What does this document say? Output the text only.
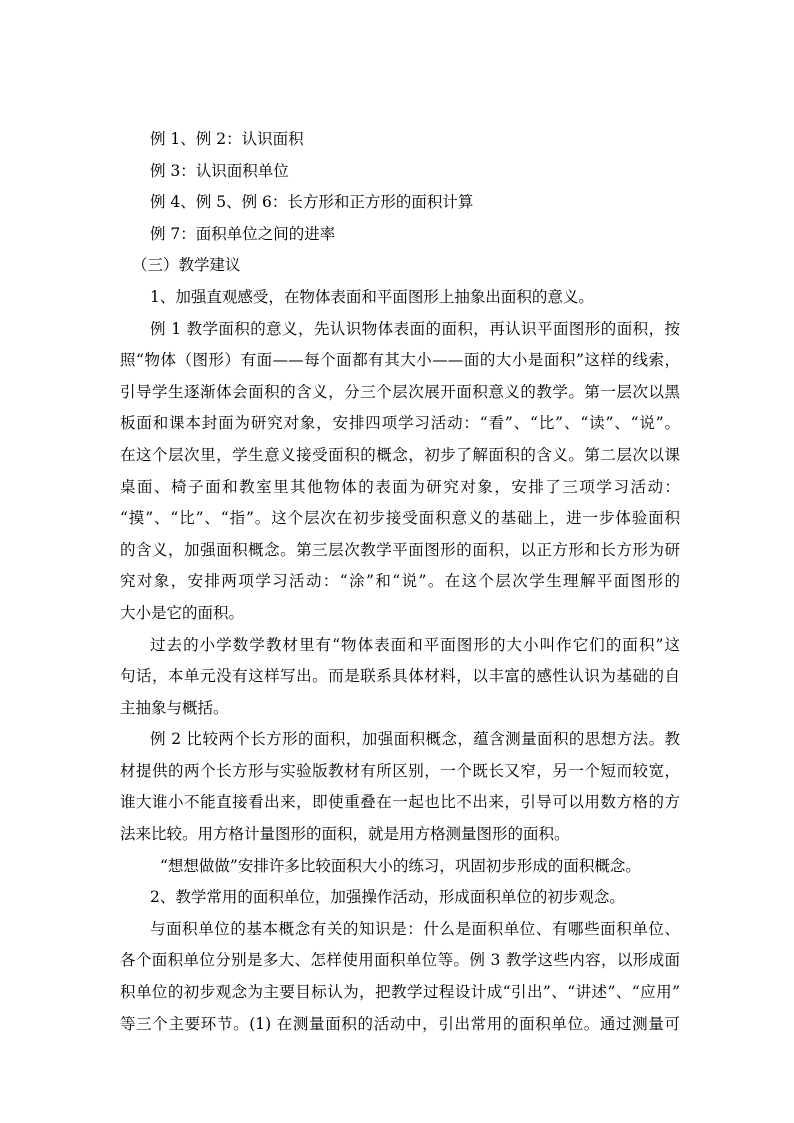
例 1、例 2：认识面积
例 3：认识面积单位
例 4、例 5、例 6：长方形和正方形的面积计算
例 7：面积单位之间的进率
（三）教学建议
1、加强直观感受，在物体表面和平面图形上抽象出面积的意义。
例 1 教学面积的意义，先认识物体表面的面积，再认识平面图形的面积，按
照“物体（图形）有面——每个面都有其大小——面的大小是面积”这样的线索，
引导学生逐渐体会面积的含义，分三个层次展开面积意义的教学。第一层次以黑
板面和课本封面为研究对象，安排四项学习活动：“看”、“比”、“读”、“说”。
在这个层次里，学生意义接受面积的概念，初步了解面积的含义。第二层次以课
桌面、椅子面和教室里其他物体的表面为研究对象，安排了三项学习活动：
“摸”、“比”、“指”。这个层次在初步接受面积意义的基础上，进一步体验面积
的含义，加强面积概念。第三层次教学平面图形的面积，以正方形和长方形为研
究对象，安排两项学习活动：“涂”和“说”。在这个层次学生理解平面图形的
大小是它的面积。
过去的小学数学教材里有“物体表面和平面图形的大小叫作它们的面积”这
句话，本单元没有这样写出。而是联系具体材料，以丰富的感性认识为基础的自
主抽象与概括。
例 2 比较两个长方形的面积，加强面积概念，蕴含测量面积的思想方法。教
材提供的两个长方形与实验版教材有所区别，一个既长又窄，另一个短而较宽，
谁大谁小不能直接看出来，即使重叠在一起也比不出来，引导可以用数方格的方
法来比较。用方格计量图形的面积，就是用方格测量图形的面积。
“想想做做”安排许多比较面积大小的练习，巩固初步形成的面积概念。
2、教学常用的面积单位，加强操作活动，形成面积单位的初步观念。
与面积单位的基本概念有关的知识是：什么是面积单位、有哪些面积单位、
各个面积单位分别是多大、怎样使用面积单位等。例 3 教学这些内容，以形成面
积单位的初步观念为主要目标认为，把教学过程设计成“引出”、“讲述”、“应用”
等三个主要环节。(1) 在测量面积的活动中，引出常用的面积单位。通过测量可
